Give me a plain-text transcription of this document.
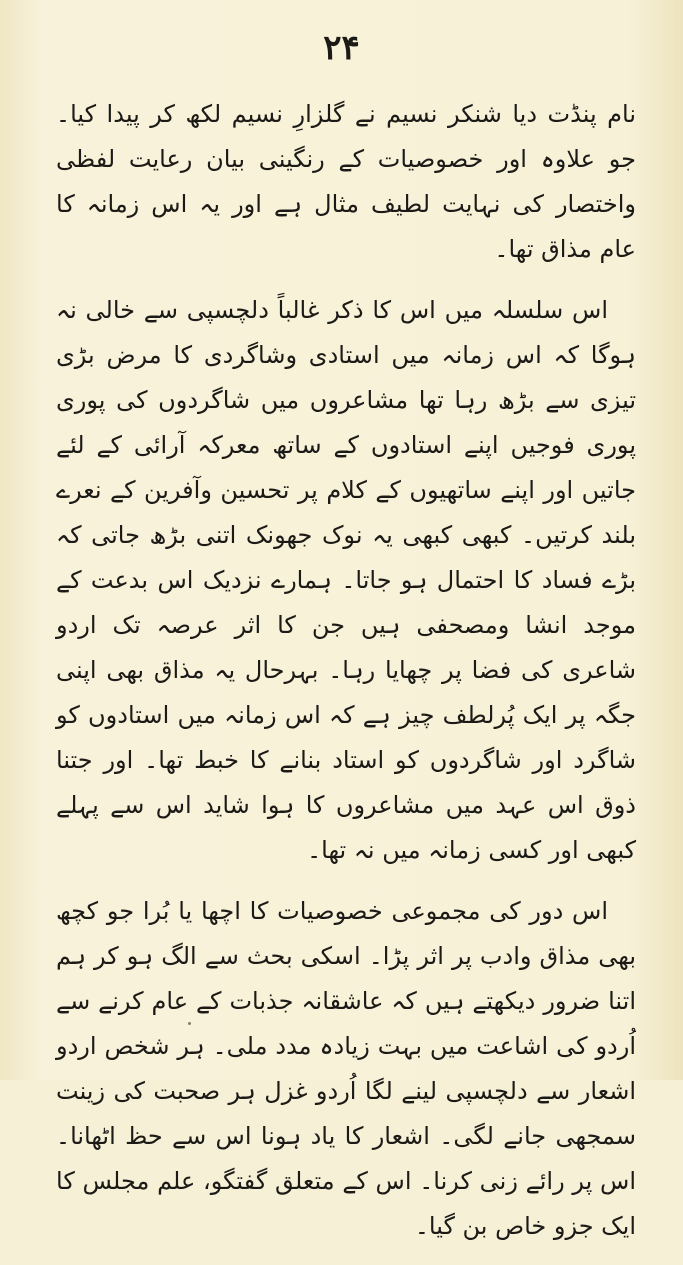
۲۴

نام پنڈت دیا شنکر نسیم نے گلزارِ نسیم لکھ کر پیدا کیا۔ جو علاوہ اور خصوصیات کے رنگینی بیان رعایت لفظی واختصار کی نہایت لطیف مثال ہے اور یہ اس زمانہ کا عام مذاق تھا۔

اس سلسلہ میں اس کا ذکر غالباً دلچسپی سے خالی نہ ہوگا کہ اس زمانہ میں استادی وشاگردی کا مرض بڑی تیزی سے بڑھ رہا تھا مشاعروں میں شاگردوں کی پوری پوری فوجیں اپنے استادوں کے ساتھ معرکہ آرائی کے لئے جاتیں اور اپنے ساتھیوں کے کلام پر تحسین وآفرین کے نعرے بلند کرتیں۔ کبھی کبھی یہ نوک جھونک اتنی بڑھ جاتی کہ بڑے فساد کا احتمال ہو جاتا۔ ہمارے نزدیک اس بدعت کے موجد انشا ومصحفی ہیں جن کا اثر عرصہ تک اردو شاعری کی فضا پر چھایا رہا۔ بہرحال یہ مذاق بھی اپنی جگہ پر ایک پُرلطف چیز ہے کہ اس زمانہ میں استادوں کو شاگرد اور شاگردوں کو استاد بنانے کا خبط تھا۔ اور جتنا ذوق اس عہد میں مشاعروں کا ہوا شاید اس سے پہلے کبھی اور کسی زمانہ میں نہ تھا۔

اس دور کی مجموعی خصوصیات کا اچھا یا بُرا جو کچھ بھی مذاق وادب پر اثر پڑا۔ اسکی بحث سے الگ ہو کر ہم اتنا ضرور دیکھتے ہیں کہ عاشقانہ جذبات کے عام کرنے سے اُردو کی اشاعت میں بہت زیادہ مدد ملی۔ ہر شخص اردو اشعار سے دلچسپی لینے لگا اُردو غزل ہر صحبت کی زینت سمجھی جانے لگی۔ اشعار کا یاد ہونا اس سے حظ اٹھانا۔ اس پر رائے زنی کرنا۔ اس کے متعلق گفتگو، علم مجلس کا ایک جزو خاص بن گیا۔
